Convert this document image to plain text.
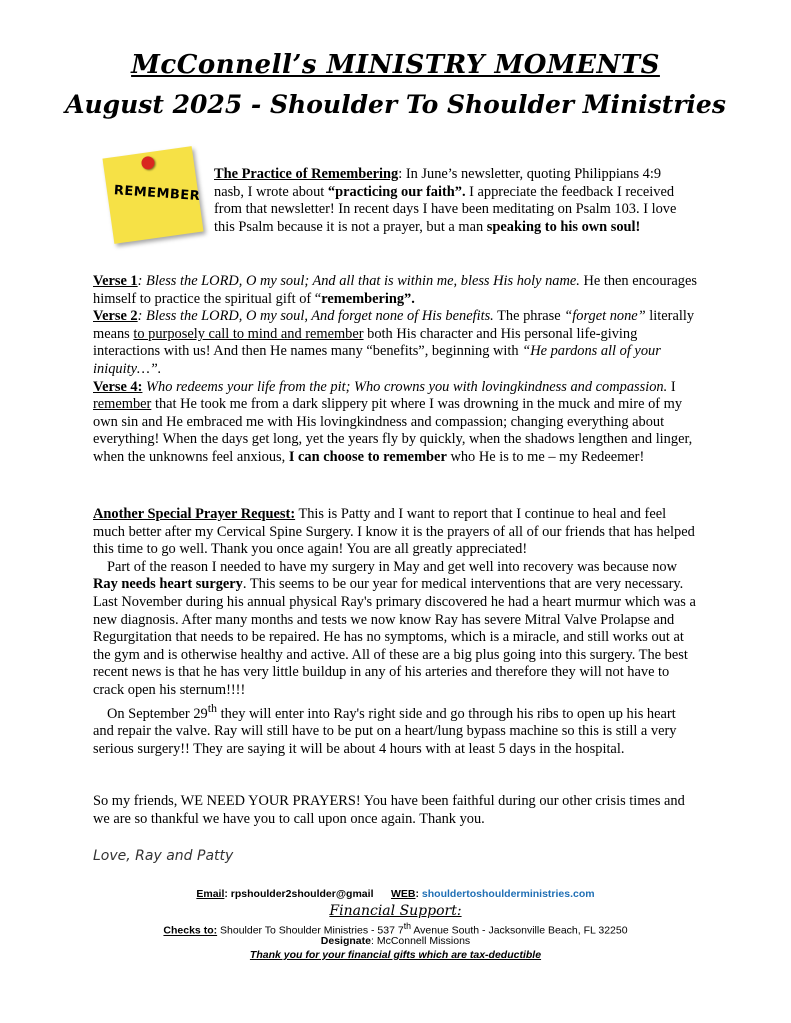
McConnell’s MINISTRY MOMENTS
August 2025 - Shoulder To Shoulder Ministries
REMEMBER
The Practice of Remembering: In June’s newsletter, quoting Philippians 4:9 nasb, I wrote about “practicing our faith”. I appreciate the feedback I received from that newsletter! In recent days I have been meditating on Psalm 103. I love this Psalm because it is not a prayer, but a man speaking to his own soul!
Verse 1: Bless the LORD, O my soul; And all that is within me, bless His holy name. He then encourages himself to practice the spiritual gift of “remembering”.
Verse 2: Bless the LORD, O my soul, And forget none of His benefits. The phrase “forget none” literally means to purposely call to mind and remember both His character and His personal life-giving interactions with us! And then He names many “benefits”, beginning with “He pardons all of your iniquity…”.
Verse 4: Who redeems your life from the pit; Who crowns you with lovingkindness and compassion. I remember that He took me from a dark slippery pit where I was drowning in the muck and mire of my own sin and He embraced me with His lovingkindness and compassion; changing everything about everything! When the days get long, yet the years fly by quickly, when the shadows lengthen and linger, when the unknowns feel anxious, I can choose to remember who He is to me – my Redeemer!
Another Special Prayer Request: This is Patty and I want to report that I continue to heal and feel much better after my Cervical Spine Surgery. I know it is the prayers of all of our friends that has helped this time to go well. Thank you once again! You are all greatly appreciated!
Part of the reason I needed to have my surgery in May and get well into recovery was because now Ray needs heart surgery. This seems to be our year for medical interventions that are very necessary. Last November during his annual physical Ray's primary discovered he had a heart murmur which was a new diagnosis. After many months and tests we now know Ray has severe Mitral Valve Prolapse and Regurgitation that needs to be repaired. He has no symptoms, which is a miracle, and still works out at the gym and is otherwise healthy and active. All of these are a big plus going into this surgery. The best recent news is that he has very little buildup in any of his arteries and therefore they will not have to crack open his sternum!!!!
On September 29th they will enter into Ray's right side and go through his ribs to open up his heart and repair the valve. Ray will still have to be put on a heart/lung bypass machine so this is still a very serious surgery!! They are saying it will be about 4 hours with at least 5 days in the hospital.
So my friends, WE NEED YOUR PRAYERS! You have been faithful during our other crisis times and we are so thankful we have you to call upon once again. Thank you.
Love, Ray and Patty
Email: rpshoulder2shoulder@gmail WEB: shouldertoshoulderministries.com
Financial Support:
Checks to: Shoulder To Shoulder Ministries - 537 7th Avenue South - Jacksonville Beach, FL 32250
Designate: McConnell Missions
Thank you for your financial gifts which are tax-deductible
